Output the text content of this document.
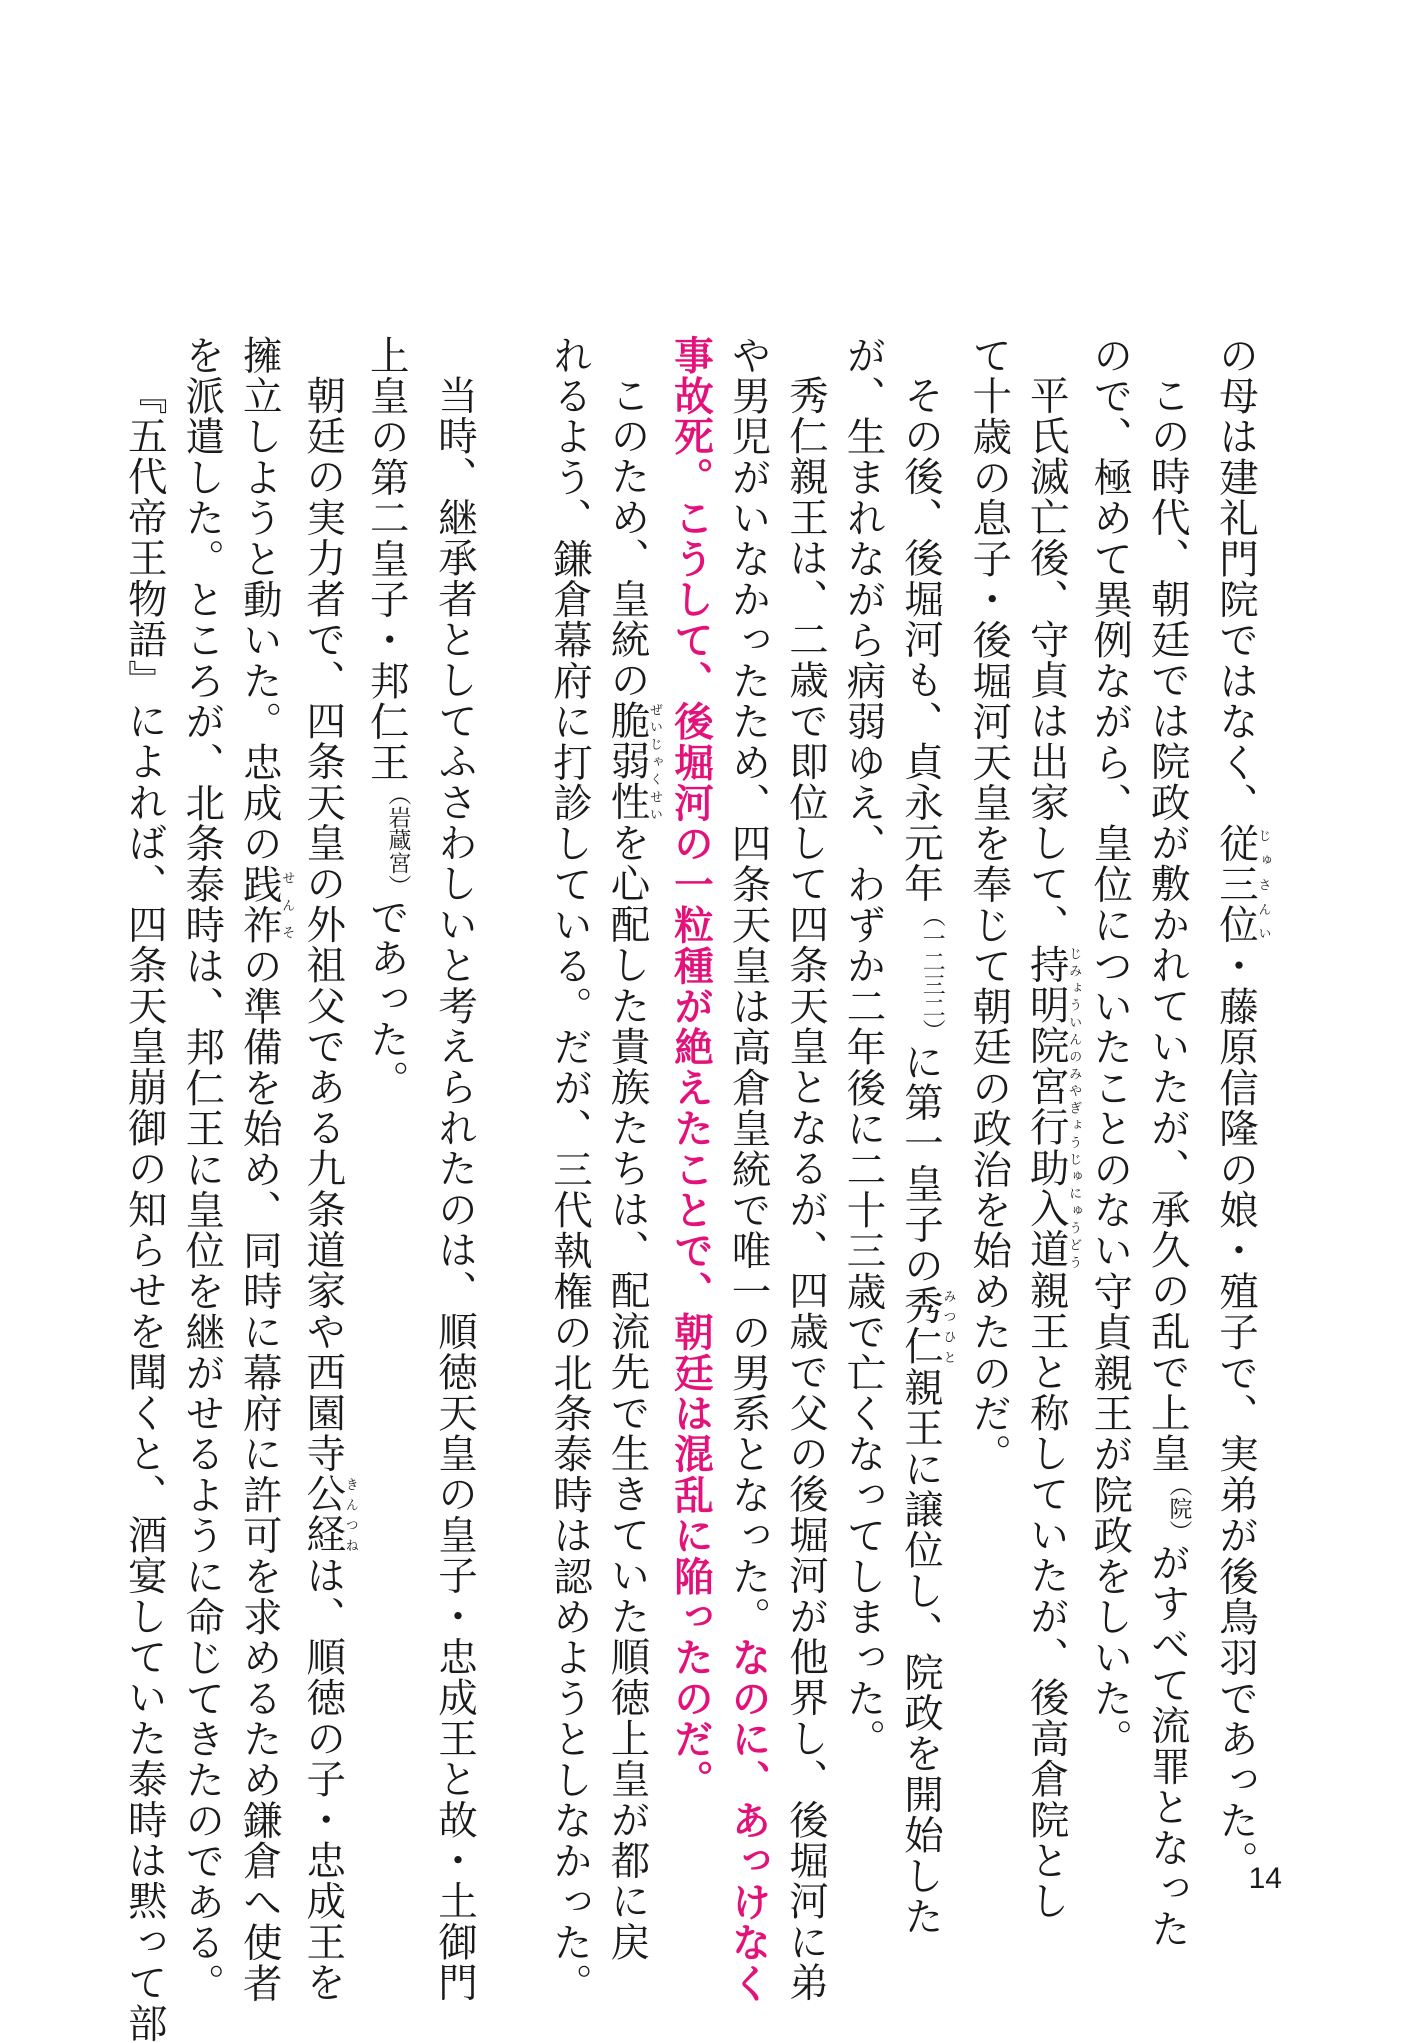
の母は建礼門院ではなく、従三位じゅさんい・藤原信隆の娘・殖子で、実弟が後鳥羽であった。
この時代、朝廷では院政が敷かれていたが、承久の乱で上皇（院）がすべて流罪となった
ので、極めて異例ながら、皇位についたことのない守貞親王が院政をしいた。
平氏滅亡後、守貞は出家して、持明院宮行助入道じみょういんのみやぎょうじゅにゅうどう親王と称していたが、後高倉院とし
て十歳の息子・後堀河天皇を奉じて朝廷の政治を始めたのだ。
その後、後堀河も、貞永元年（一二三二）に第一皇子の秀仁みつひと親王に譲位し、院政を開始した
が、生まれながら病弱ゆえ、わずか二年後に二十三歳で亡くなってしまった。
秀仁親王は、二歳で即位して四条天皇となるが、四歳で父の後堀河が他界し、後堀河に弟
や男児がいなかったため、四条天皇は高倉皇統で唯一の男系となった。なのに、あっけなく
事故死。こうして、後堀河の一粒種が絶えたことで、朝廷は混乱に陥ったのだ。
このため、皇統の脆弱性ぜいじゃくせいを心配した貴族たちは、配流先で生きていた順徳上皇が都に戻
れるよう、鎌倉幕府に打診している。だが、三代執権の北条泰時は認めようとしなかった。

当時、継承者としてふさわしいと考えられたのは、順徳天皇の皇子・忠成王と故・土御門
上皇の第二皇子・邦仁王（岩蔵宮）であった。
朝廷の実力者で、四条天皇の外祖父である九条道家や西園寺公経きんつねは、順徳の子・忠成王を
擁立しようと動いた。忠成の践祚せんその準備を始め、同時に幕府に許可を求めるため鎌倉へ使者
を派遣した。ところが、北条泰時は、邦仁王に皇位を継がせるように命じてきたのである。
『五代帝王物語』によれば、四条天皇崩御の知らせを聞くと、酒宴していた泰時は黙って部	14
